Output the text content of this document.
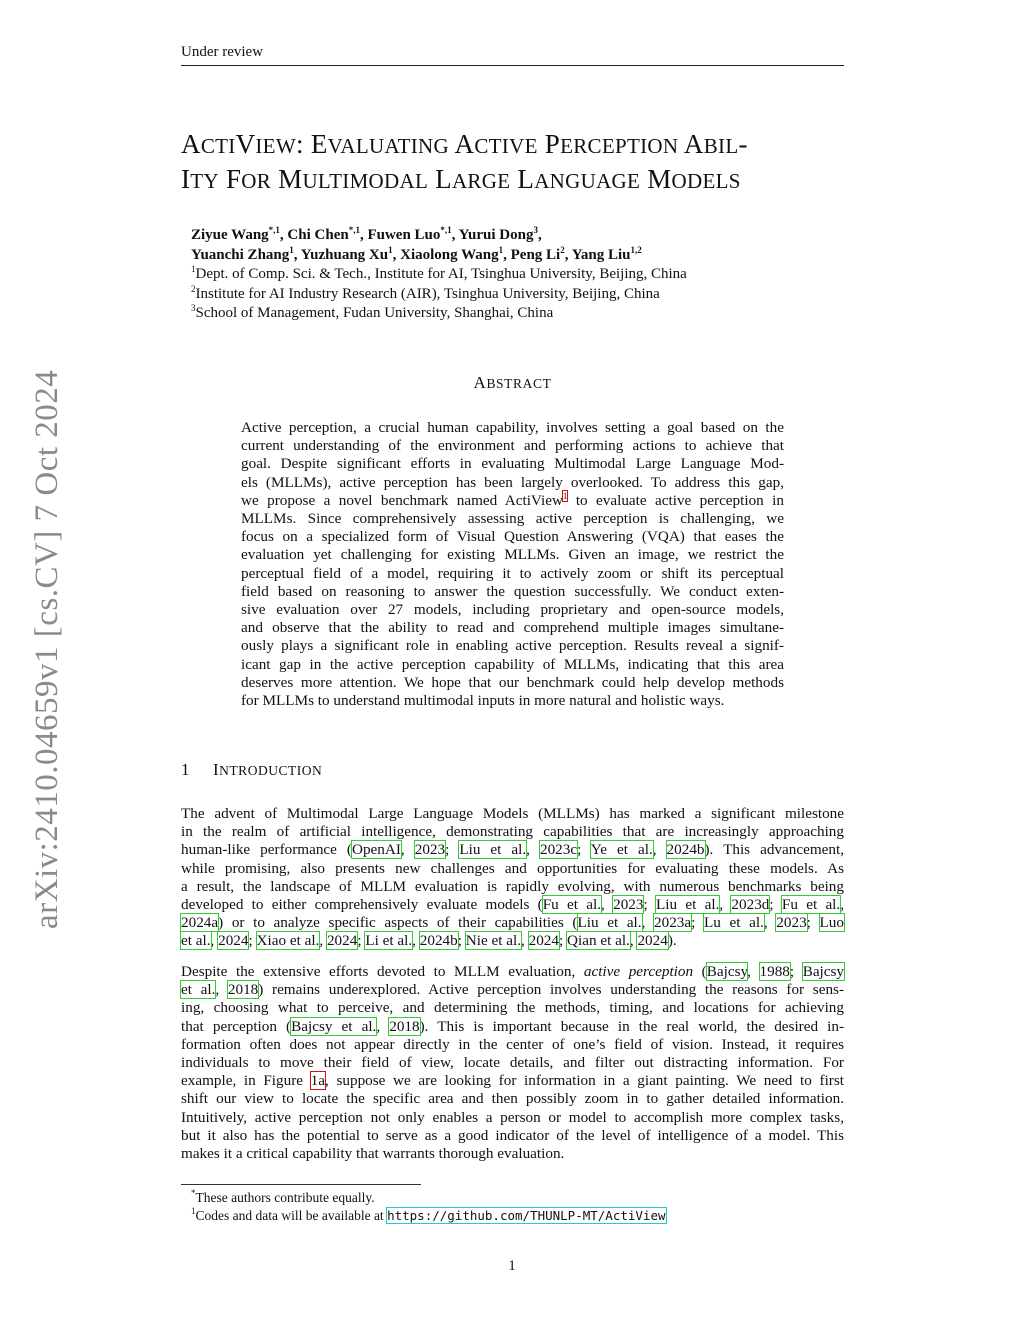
Under review
arXiv:2410.04659v1 [cs.CV] 7 Oct 2024
ACTIVIEW: EVALUATING ACTIVE PERCEPTION ABIL-
ITY FOR MULTIMODAL LARGE LANGUAGE MODELS
Ziyue Wang$^{*,1}$, Chi Chen$^{*,1}$, Fuwen Luo$^{*,1}$, Yurui Dong$^3$,
Yuanchi Zhang$^1$, Yuzhuang Xu$^1$, Xiaolong Wang$^1$, Peng Li$^2$, Yang Liu$^{1,2}$
$^1$Dept. of Comp. Sci. & Tech., Institute for AI, Tsinghua University, Beijing, China
$^2$Institute for AI Industry Research (AIR), Tsinghua University, Beijing, China
$^3$School of Management, Fudan University, Shanghai, China
ABSTRACT
Active perception, a crucial human capability, involves setting a goal based on the
current understanding of the environment and performing actions to achieve that
goal. Despite significant efforts in evaluating Multimodal Large Language Mod-
els (MLLMs), active perception has been largely overlooked. To address this gap,
we propose a novel benchmark named ActiView$^1$ to evaluate active perception in
MLLMs. Since comprehensively assessing active perception is challenging, we
focus on a specialized form of Visual Question Answering (VQA) that eases the
evaluation yet challenging for existing MLLMs. Given an image, we restrict the
perceptual field of a model, requiring it to actively zoom or shift its perceptual
field based on reasoning to answer the question successfully. We conduct exten-
sive evaluation over 27 models, including proprietary and open-source models,
and observe that the ability to read and comprehend multiple images simultane-
ously plays a significant role in enabling active perception. Results reveal a signif-
icant gap in the active perception capability of MLLMs, indicating that this area
deserves more attention. We hope that our benchmark could help develop methods
for MLLMs to understand multimodal inputs in more natural and holistic ways.
1 INTRODUCTION
The advent of Multimodal Large Language Models (MLLMs) has marked a significant milestone
in the realm of artificial intelligence, demonstrating capabilities that are increasingly approaching
human-like performance (OpenAI, 2023; Liu et al., 2023c; Ye et al., 2024b). This advancement,
while promising, also presents new challenges and opportunities for evaluating these models. As
a result, the landscape of MLLM evaluation is rapidly evolving, with numerous benchmarks being
developed to either comprehensively evaluate models (Fu et al., 2023; Liu et al., 2023d; Fu et al.,
2024a) or to analyze specific aspects of their capabilities (Liu et al., 2023a; Lu et al., 2023; Luo
et al., 2024; Xiao et al., 2024; Li et al., 2024b; Nie et al., 2024; Qian et al., 2024).
Despite the extensive efforts devoted to MLLM evaluation, active perception (Bajcsy, 1988; Bajcsy
et al., 2018) remains underexplored. Active perception involves understanding the reasons for sens-
ing, choosing what to perceive, and determining the methods, timing, and locations for achieving
that perception (Bajcsy et al., 2018). This is important because in the real world, the desired in-
formation often does not appear directly in the center of one’s field of vision. Instead, it requires
individuals to move their field of view, locate details, and filter out distracting information. For
example, in Figure 1a, suppose we are looking for information in a giant painting. We need to first
shift our view to locate the specific area and then possibly zoom in to gather detailed information.
Intuitively, active perception not only enables a person or model to accomplish more complex tasks,
but it also has the potential to serve as a good indicator of the level of intelligence of a model. This
makes it a critical capability that warrants thorough evaluation.
*These authors contribute equally.
$^1$Codes and data will be available at https://github.com/THUNLP-MT/ActiView
1
